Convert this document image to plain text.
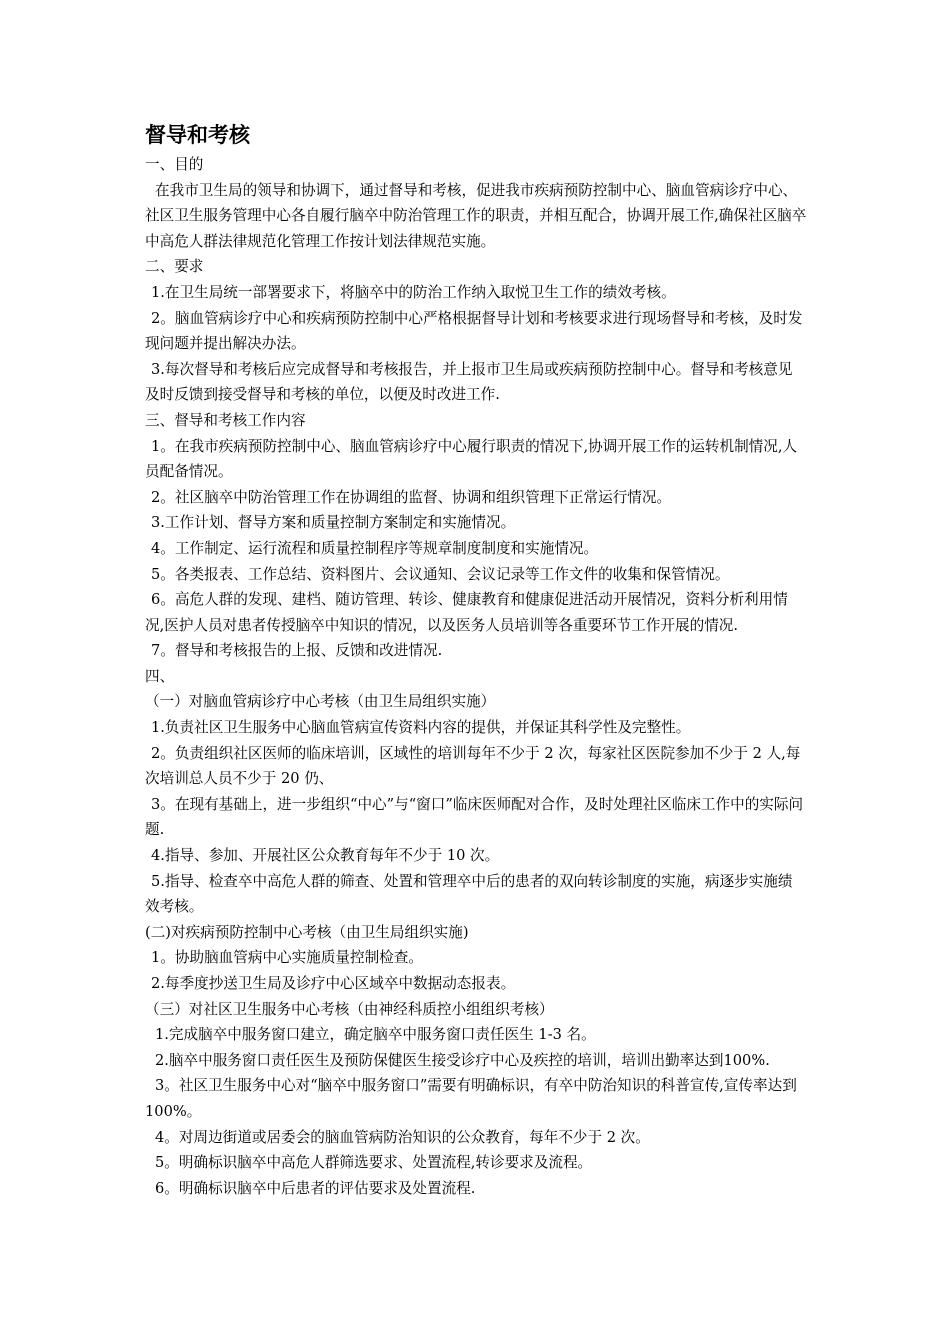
督导和考核

一、目的

在我市卫生局的领导和协调下，通过督导和考核，促进我市疾病预防控制中心、脑血管病诊疗中心、社区卫生服务管理中心各自履行脑卒中防治管理工作的职责，并相互配合，协调开展工作,确保社区脑卒中高危人群法律规范化管理工作按计划法律规范实施。

二、要求

1.在卫生局统一部署要求下，将脑卒中的防治工作纳入取悦卫生工作的绩效考核。

2。脑血管病诊疗中心和疾病预防控制中心严格根据督导计划和考核要求进行现场督导和考核，及时发现问题并提出解决办法。

3.每次督导和考核后应完成督导和考核报告，并上报市卫生局或疾病预防控制中心。督导和考核意见及时反馈到接受督导和考核的单位，以便及时改进工作.

三、督导和考核工作内容

1。在我市疾病预防控制中心、脑血管病诊疗中心履行职责的情况下,协调开展工作的运转机制情况,人员配备情况。

2。社区脑卒中防治管理工作在协调组的监督、协调和组织管理下正常运行情况。

3.工作计划、督导方案和质量控制方案制定和实施情况。

4。工作制定、运行流程和质量控制程序等规章制度制度和实施情况。

5。各类报表、工作总结、资料图片、会议通知、会议记录等工作文件的收集和保管情况。

6。高危人群的发现、建档、随访管理、转诊、健康教育和健康促进活动开展情况，资料分析利用情况,医护人员对患者传授脑卒中知识的情况，以及医务人员培训等各重要环节工作开展的情况.

7。督导和考核报告的上报、反馈和改进情况.

四、

（一）对脑血管病诊疗中心考核（由卫生局组织实施）

1.负责社区卫生服务中心脑血管病宣传资料内容的提供，并保证其科学性及完整性。

2。负责组织社区医师的临床培训，区域性的培训每年不少于 2 次，每家社区医院参加不少于 2 人,每次培训总人员不少于 20 仍、

3。在现有基础上，进一步组织“中心”与“窗口”临床医师配对合作，及时处理社区临床工作中的实际问题.

4.指导、参加、开展社区公众教育每年不少于 10 次。

5.指导、检查卒中高危人群的筛查、处置和管理卒中后的患者的双向转诊制度的实施，病逐步实施绩效考核。

(二)对疾病预防控制中心考核（由卫生局组织实施)

1。协助脑血管病中心实施质量控制检查。

2.每季度抄送卫生局及诊疗中心区域卒中数据动态报表。

（三）对社区卫生服务中心考核（由神经科质控小组组织考核）

1.完成脑卒中服务窗口建立，确定脑卒中服务窗口责任医生 1-3 名。

2.脑卒中服务窗口责任医生及预防保健医生接受诊疗中心及疾控的培训，培训出勤率达到100%.

3。社区卫生服务中心对“脑卒中服务窗口”需要有明确标识，有卒中防治知识的科普宣传,宣传率达到 100%。

4。对周边街道或居委会的脑血管病防治知识的公众教育，每年不少于 2 次。

5。明确标识脑卒中高危人群筛选要求、处置流程,转诊要求及流程。

6。明确标识脑卒中后患者的评估要求及处置流程.
